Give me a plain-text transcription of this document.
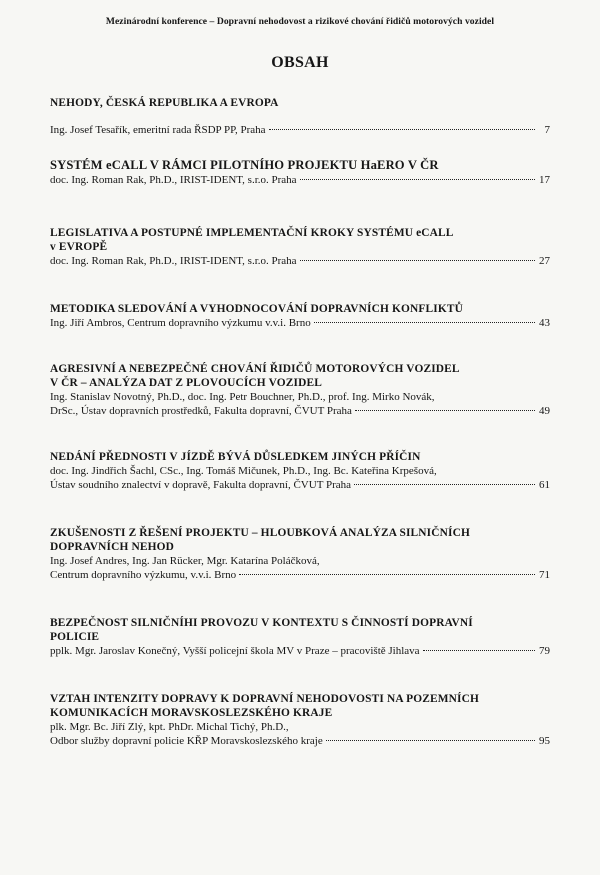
Mezinárodní konference – Dopravní nehodovost a rizikové chování řidičů motorových vozidel
OBSAH
NEHODY, ČESKÁ REPUBLIKA A EVROPA
Ing. Josef Tesařík, emeritní rada ŘSDP PP, Praha	7
SYSTÉM eCALL V RÁMCI PILOTNÍHO PROJEKTU HaERO V ČR
doc. Ing. Roman Rak, Ph.D., IRIST-IDENT, s.r.o. Praha	17
LEGISLATIVA A POSTUPNÉ IMPLEMENTAČNÍ KROKY SYSTÉMU eCALL
v EVROPĚ
doc. Ing. Roman Rak, Ph.D., IRIST-IDENT, s.r.o. Praha	27
METODIKA SLEDOVÁNÍ A VYHODNOCOVÁNÍ DOPRAVNÍCH KONFLIKTŮ
Ing. Jiří Ambros, Centrum dopravního výzkumu v.v.i. Brno	43
AGRESIVNÍ A NEBEZPEČNÉ CHOVÁNÍ ŘIDIČŮ MOTOROVÝCH VOZIDEL
V ČR – ANALÝZA DAT Z PLOVOUCÍCH VOZIDEL
Ing. Stanislav Novotný, Ph.D., doc. Ing. Petr Bouchner, Ph.D., prof. Ing. Mirko Novák,
DrSc., Ústav dopravních prostředků, Fakulta dopravní, ČVUT Praha	49
NEDÁNÍ PŘEDNOSTI V JÍZDĚ BÝVÁ DŮSLEDKEM JINÝCH PŘÍČIN
doc. Ing. Jindřich Šachl, CSc., Ing. Tomáš Mičunek, Ph.D., Ing. Bc. Kateřina Krpešová,
Ústav soudního znalectví v dopravě, Fakulta dopravní, ČVUT Praha	61
ZKUŠENOSTI Z ŘEŠENÍ PROJEKTU – HLOUBKOVÁ ANALÝZA SILNIČNÍCH
DOPRAVNÍCH NEHOD
Ing. Josef Andres, Ing. Jan Rücker, Mgr. Katarína Poláčková,
Centrum dopravního výzkumu, v.v.i. Brno	71
BEZPEČNOST SILNIČNÍHI PROVOZU V KONTEXTU S ČINNOSTÍ DOPRAVNÍ
POLICIE
pplk. Mgr. Jaroslav Konečný, Vyšší policejní škola MV v Praze – pracoviště Jihlava	79
VZTAH INTENZITY DOPRAVY K DOPRAVNÍ NEHODOVOSTI NA POZEMNÍCH
KOMUNIKACÍCH MORAVSKOSLEZSKÉHO KRAJE
plk. Mgr. Bc. Jiří Zlý, kpt. PhDr. Michal Tichý, Ph.D.,
Odbor služby dopravní policie KŘP Moravskoslezského kraje	95
